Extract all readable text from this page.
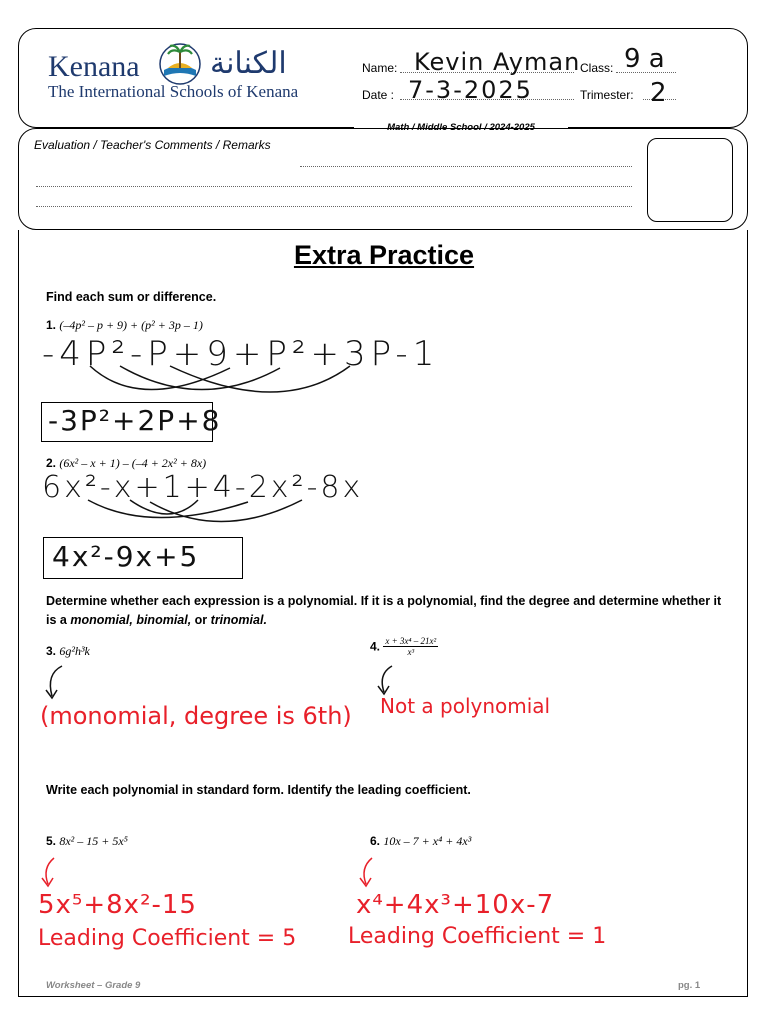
Kenana الكنانة
The International Schools of Kenana
Name: Kevin Ayman Class: 9 a
Date : 7-3-2025	Trimester: 2
Math / Middle School / 2024-2025
Evaluation / Teacher's Comments / Remarks
Extra Practice
Find each sum or difference.
1. (–4p² – p + 9) + (p² + 3p – 1)
-4P²-P+9+P²+3P-1
-3P²+2P+8
2. (6x² – x + 1) – (–4 + 2x² + 8x)
6x²-x+1+4-2x²-8x
4x²-9x+5
Determine whether each expression is a polynomial. If it is a polynomial, find the degree and determine whether it is a monomial, binomial, or trinomial.
3. 6g²h³k
(monomial, degree is 6th)
4. $\frac{\text{x + 3x⁴ – 21x²}}{\text{x³}}$
Not a polynomial
Write each polynomial in standard form. Identify the leading coefficient.
5. 8x² – 15 + 5x⁵
5x⁵+8x²-15
Leading Coefficient = 5
6. 10x – 7 + x⁴ + 4x³
x⁴+4x³+10x-7
Leading Coefficient = 1
Worksheet – Grade 9	pg. 1
